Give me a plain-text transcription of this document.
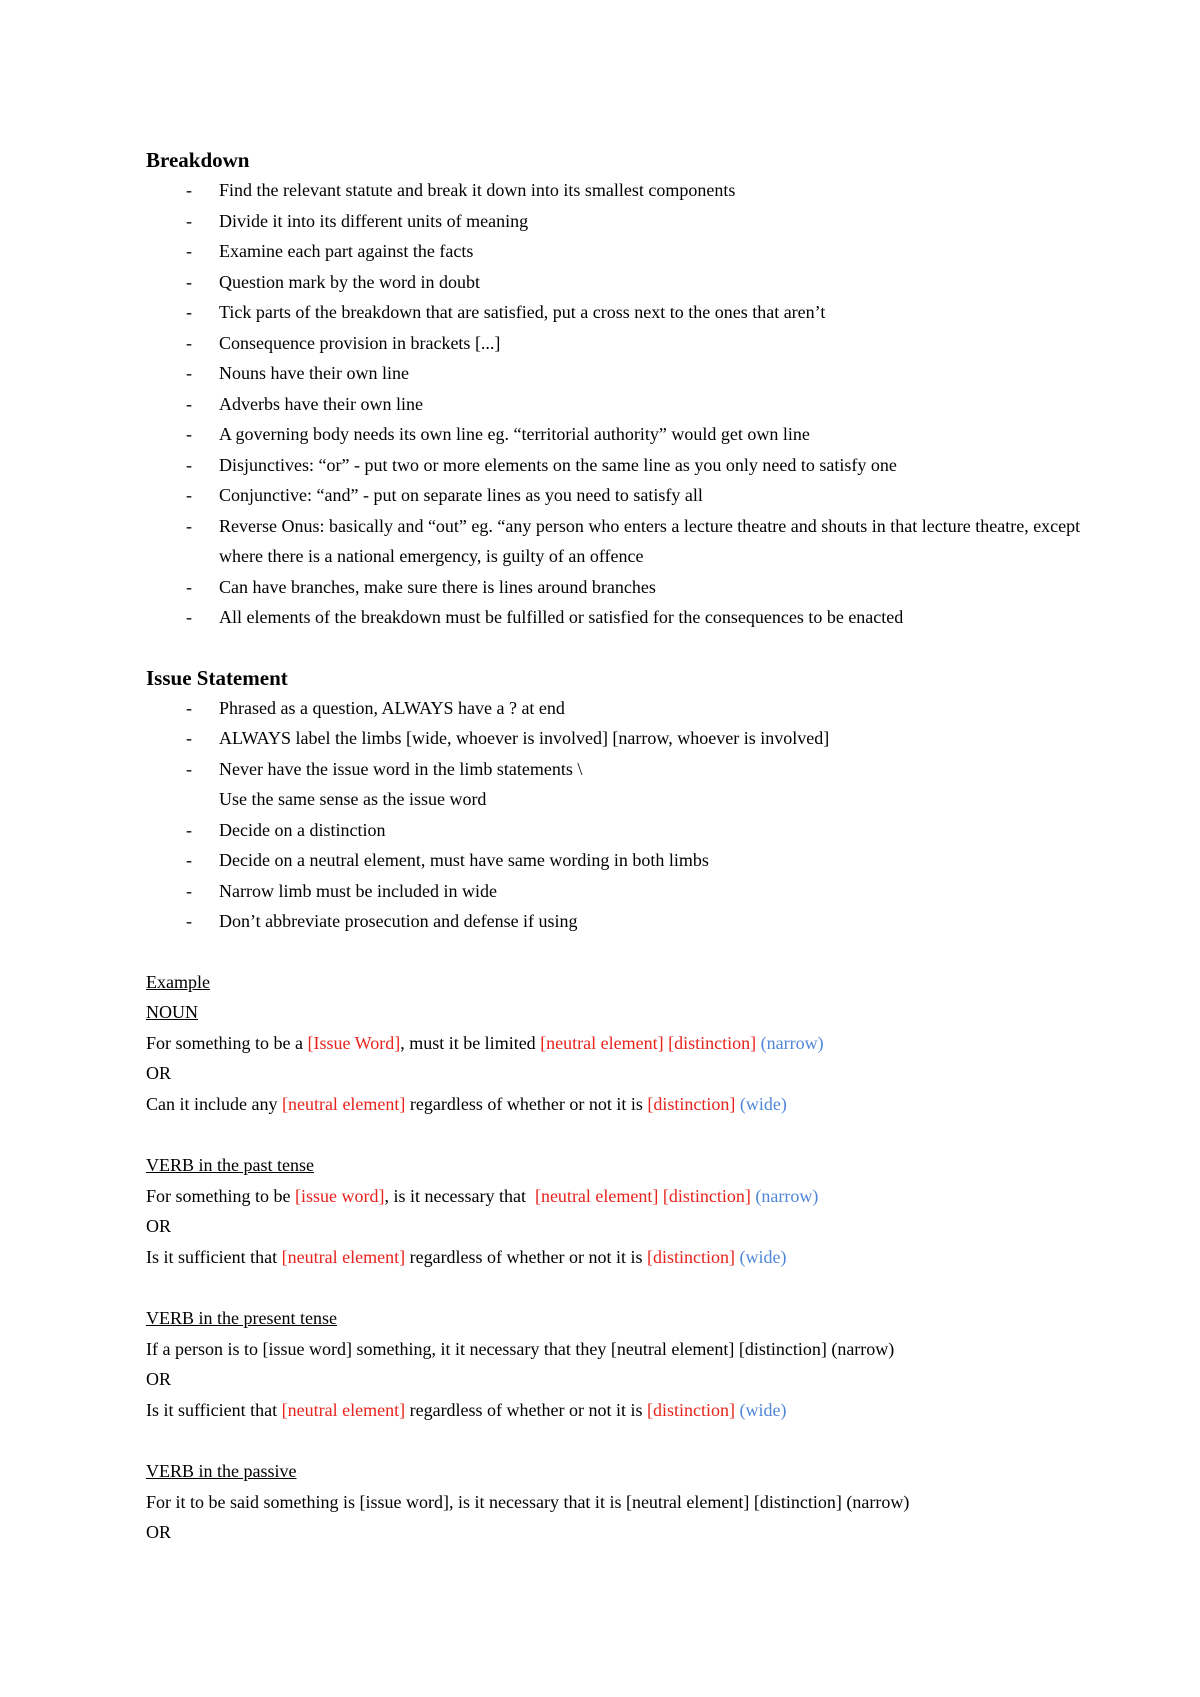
Breakdown
- Find the relevant statute and break it down into its smallest components
- Divide it into its different units of meaning
- Examine each part against the facts
- Question mark by the word in doubt
- Tick parts of the breakdown that are satisfied, put a cross next to the ones that aren’t
- Consequence provision in brackets [...]
- Nouns have their own line
- Adverbs have their own line
- A governing body needs its own line eg. “territorial authority” would get own line
- Disjunctives: “or” - put two or more elements on the same line as you only need to satisfy one
- Conjunctive: “and” - put on separate lines as you need to satisfy all
- Reverse Onus: basically and “out” eg. “any person who enters a lecture theatre and shouts in that lecture theatre, except where there is a national emergency, is guilty of an offence
- Can have branches, make sure there is lines around branches
- All elements of the breakdown must be fulfilled or satisfied for the consequences to be enacted
Issue Statement
- Phrased as a question, ALWAYS have a ? at end
- ALWAYS label the limbs [wide, whoever is involved] [narrow, whoever is involved]
- Never have the issue word in the limb statements \
Use the same sense as the issue word
- Decide on a distinction
- Decide on a neutral element, must have same wording in both limbs
- Narrow limb must be included in wide
- Don’t abbreviate prosecution and defense if using
Example
NOUN
For something to be a [Issue Word], must it be limited [neutral element] [distinction] (narrow)
OR
Can it include any [neutral element] regardless of whether or not it is [distinction] (wide)
VERB in the past tense
For something to be [issue word], is it necessary that  [neutral element] [distinction] (narrow)
OR
Is it sufficient that [neutral element] regardless of whether or not it is [distinction] (wide)
VERB in the present tense
If a person is to [issue word] something, it it necessary that they [neutral element] [distinction] (narrow)
OR
Is it sufficient that [neutral element] regardless of whether or not it is [distinction] (wide)
VERB in the passive
For it to be said something is [issue word], is it necessary that it is [neutral element] [distinction] (narrow)
OR
